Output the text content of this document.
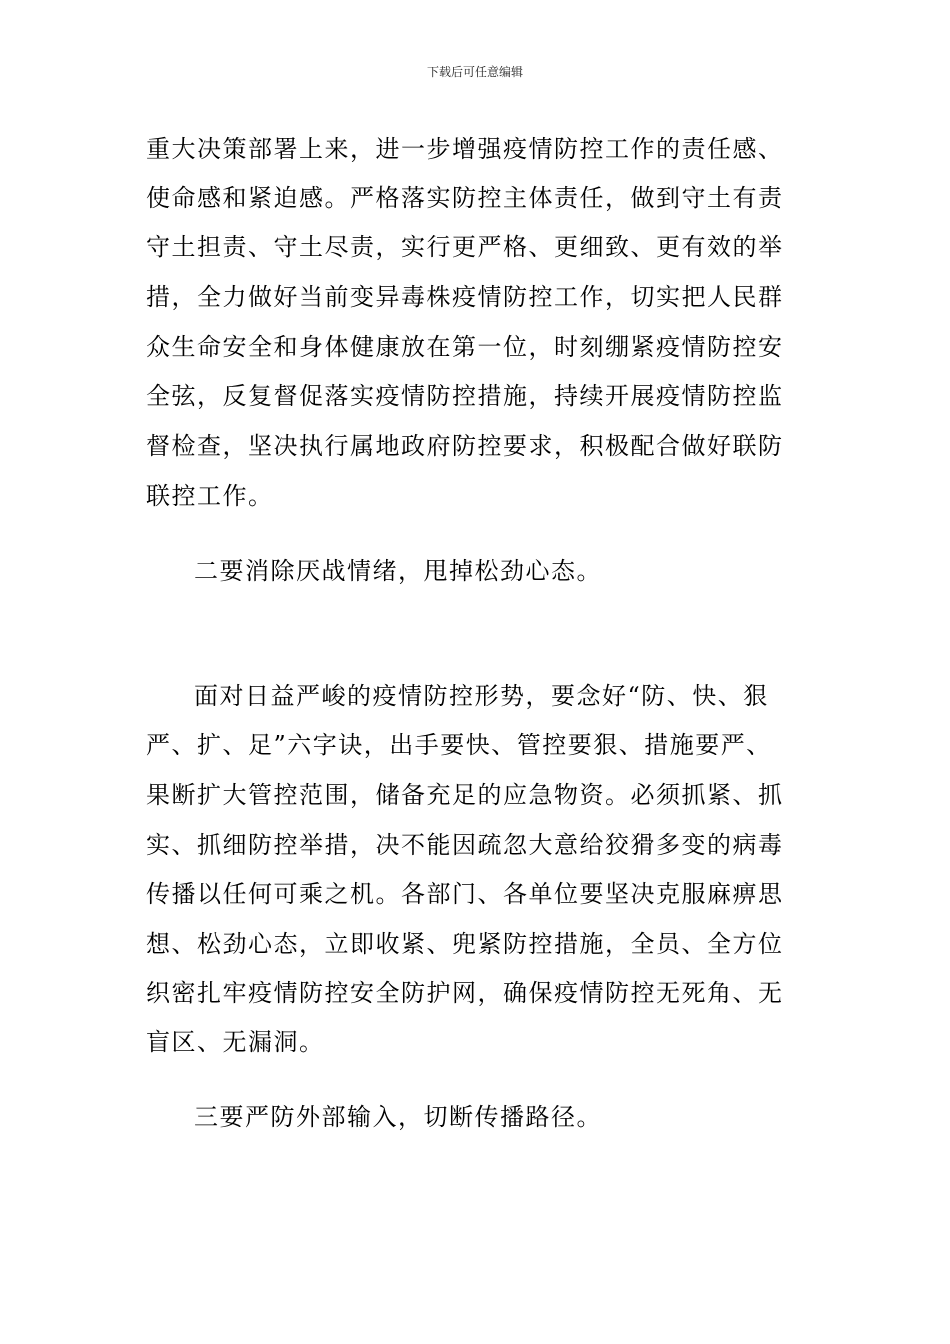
下载后可任意编辑
重大决策部署上来，进一步增强疫情防控工作的责任感、
使命感和紧迫感。严格落实防控主体责任，做到守土有责
守土担责、守土尽责，实行更严格、更细致、更有效的举
措，全力做好当前变异毒株疫情防控工作，切实把人民群
众生命安全和身体健康放在第一位，时刻绷紧疫情防控安
全弦，反复督促落实疫情防控措施，持续开展疫情防控监
督检查，坚决执行属地政府防控要求，积极配合做好联防
联控工作。
二要消除厌战情绪，甩掉松劲心态。
面对日益严峻的疫情防控形势，要念好“防、快、狠
严、扩、足”六字诀，出手要快、管控要狠、措施要严、
果断扩大管控范围，储备充足的应急物资。必须抓紧、抓
实、抓细防控举措，决不能因疏忽大意给狡猾多变的病毒
传播以任何可乘之机。各部门、各单位要坚决克服麻痹思
想、松劲心态，立即收紧、兜紧防控措施，全员、全方位
织密扎牢疫情防控安全防护网，确保疫情防控无死角、无
盲区、无漏洞。
三要严防外部输入，切断传播路径。
